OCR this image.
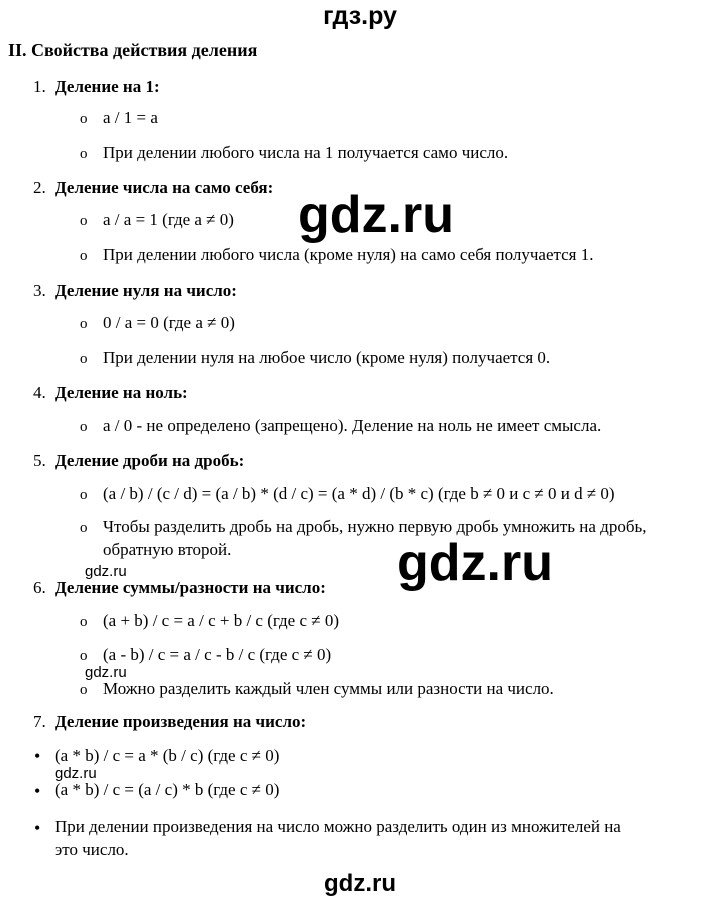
гдз.ру
II. Свойства действия деления
1. Деление на 1:
o a / 1 = a
o При делении любого числа на 1 получается само число.
2. Деление числа на само себя:
o a / a = 1 (где a ≠ 0)
o При делении любого числа (кроме нуля) на само себя получается 1.
3. Деление нуля на число:
o 0 / a = 0 (где a ≠ 0)
o При делении нуля на любое число (кроме нуля) получается 0.
4. Деление на ноль:
o a / 0 - не определено (запрещено). Деление на ноль не имеет смысла.
5. Деление дроби на дробь:
o (a / b) / (c / d) = (a / b) * (d / c) = (a * d) / (b * c) (где b ≠ 0 и c ≠ 0 и d ≠ 0)
o Чтобы разделить дробь на дробь, нужно первую дробь умножить на дробь,
обратную второй.
gdz.ru
6. Деление суммы/разности на число:
o (a + b) / c = a / c + b / c (где c ≠ 0)
o (a - b) / c = a / c - b / c (где c ≠ 0)
gdz.ru
o Можно разделить каждый член суммы или разности на число.
7. Деление произведения на число:
• (a * b) / c = a * (b / c) (где c ≠ 0)
gdz.ru
• (a * b) / c = (a / c) * b (где c ≠ 0)
• При делении произведения на число можно разделить один из множителей на
это число.
gdz.ru
gdz.ru
gdz.ru
